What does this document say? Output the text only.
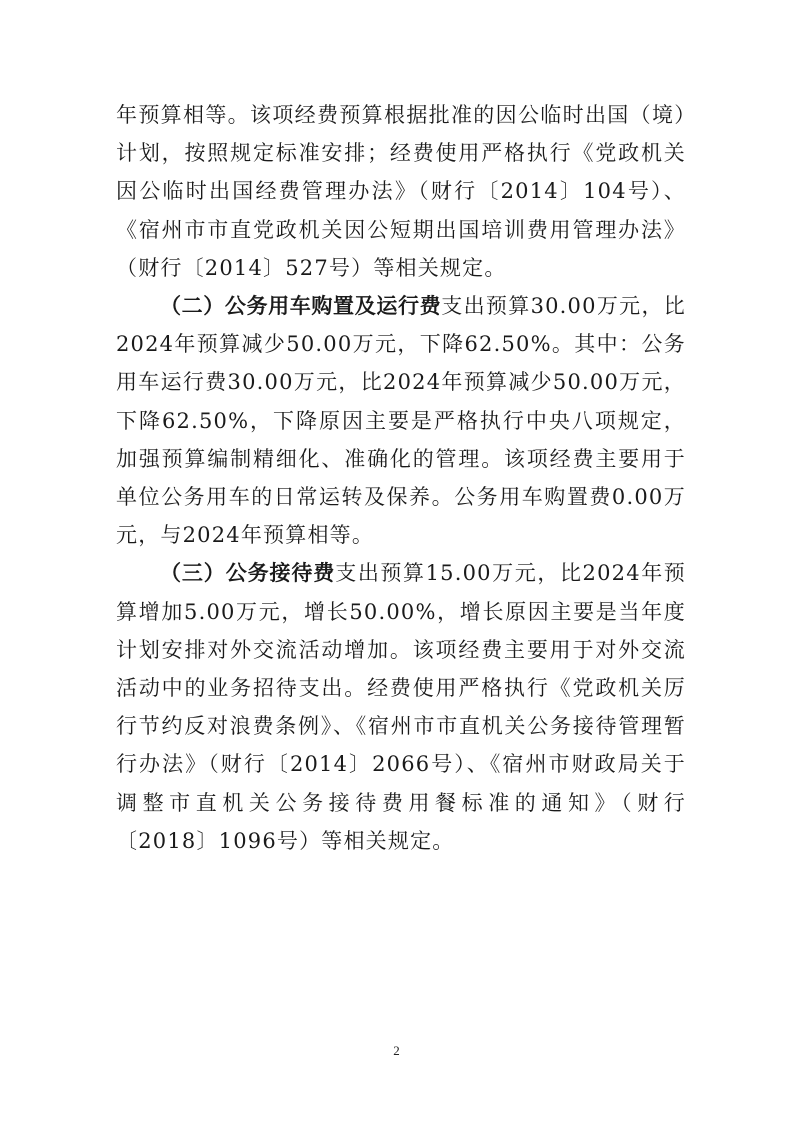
年预算相等。该项经费预算根据批准的因公临时出国（境）计划，按照规定标准安排；经费使用严格执行《党政机关因公临时出国经费管理办法》（财行〔2014〕104号）、《宿州市市直党政机关因公短期出国培训费用管理办法》（财行〔2014〕527号）等相关规定。

（二）公务用车购置及运行费支出预算30.00万元，比2024年预算减少50.00万元，下降62.50%。其中：公务用车运行费30.00万元，比2024年预算减少50.00万元，下降62.50%，下降原因主要是严格执行中央八项规定，加强预算编制精细化、准确化的管理。该项经费主要用于单位公务用车的日常运转及保养。公务用车购置费0.00万元，与2024年预算相等。

（三）公务接待费支出预算15.00万元，比2024年预算增加5.00万元，增长50.00%，增长原因主要是当年度计划安排对外交流活动增加。该项经费主要用于对外交流活动中的业务招待支出。经费使用严格执行《党政机关厉行节约反对浪费条例》、《宿州市市直机关公务接待管理暂行办法》（财行〔2014〕2066号）、《宿州市财政局关于调整市直机关公务接待费用餐标准的通知》（财行〔2018〕1096号）等相关规定。

2
